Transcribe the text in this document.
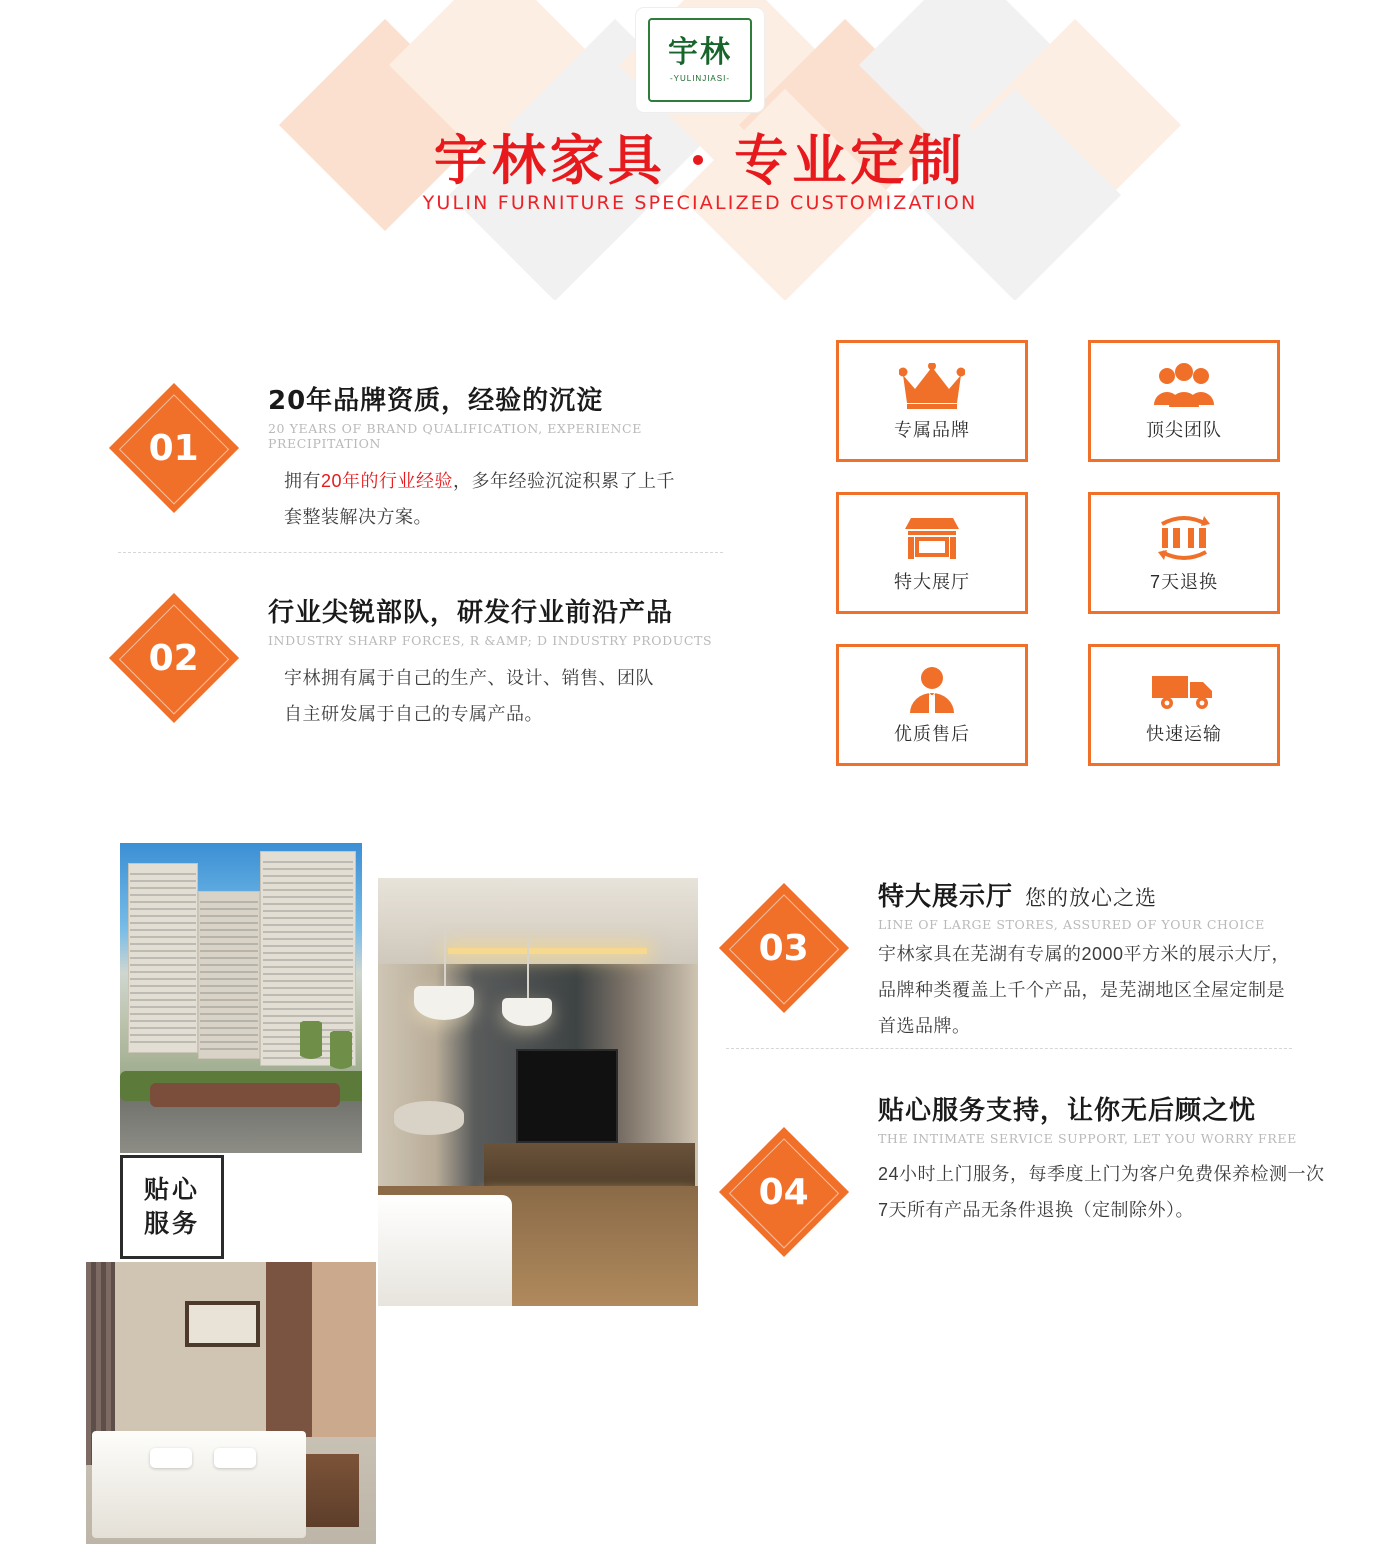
宇林
-YULINJIASI-
宇林家具 · 专业定制
YULIN FURNITURE SPECIALIZED CUSTOMIZATION
01
20年品牌资质，经验的沉淀
20 YEARS OF BRAND QUALIFICATION, EXPERIENCE PRECIPITATION
拥有20年的行业经验，多年经验沉淀积累了上千
套整装解决方案。
02
行业尖锐部队，研发行业前沿产品
INDUSTRY SHARP FORCES, R &AMP; D INDUSTRY PRODUCTS
宇林拥有属于自己的生产、设计、销售、团队
自主研发属于自己的专属产品。
专属品牌	顶尖团队
特大展厅	7天退换
优质售后	快速运输
贴心
服务
03
特大展示厅 您的放心之选
LINE OF LARGE STORES, ASSURED OF YOUR CHOICE
宇林家具在芜湖有专属的2000平方米的展示大厅，
品牌种类覆盖上千个产品，是芜湖地区全屋定制是
首选品牌。
04
贴心服务支持，让你无后顾之忧
THE INTIMATE SERVICE SUPPORT, LET YOU WORRY FREE
24小时上门服务，每季度上门为客户免费保养检测一次
7天所有产品无条件退换（定制除外）。
